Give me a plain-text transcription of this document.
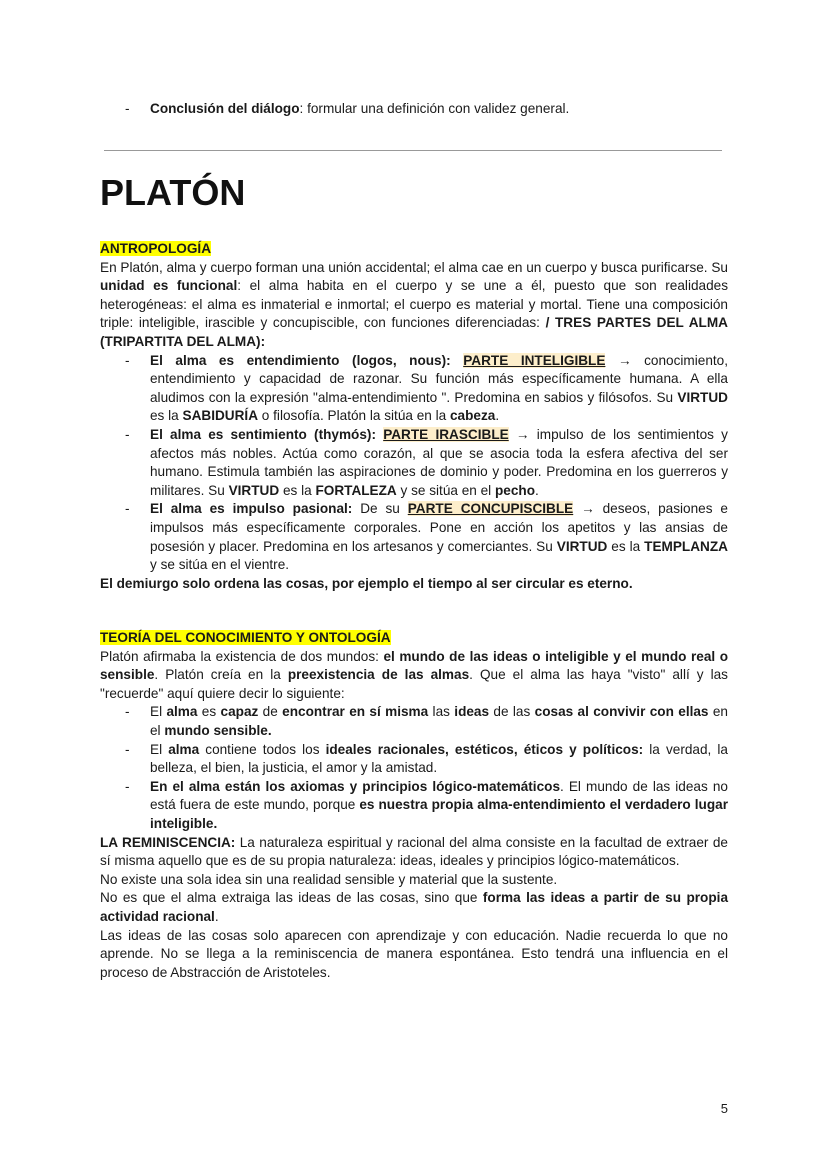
- Conclusión del diálogo: formular una definición con validez general.
PLATÓN
ANTROPOLOGÍA
En Platón, alma y cuerpo forman una unión accidental; el alma cae en un cuerpo y busca purificarse. Su unidad es funcional: el alma habita en el cuerpo y se une a él, puesto que son realidades heterogéneas: el alma es inmaterial e inmortal; el cuerpo es material y mortal. Tiene una composición triple: inteligible, irascible y concupiscible, con funciones diferenciadas: / TRES PARTES DEL ALMA (TRIPARTITA DEL ALMA):
- El alma es entendimiento (logos, nous): PARTE INTELIGIBLE → conocimiento, entendimiento y capacidad de razonar. Su función más específicamente humana. A ella aludimos con la expresión "alma-entendimiento ". Predomina en sabios y filósofos. Su VIRTUD es la SABIDURÍA o filosofía. Platón la sitúa en la cabeza.
- El alma es sentimiento (thymós): PARTE IRASCIBLE → impulso de los sentimientos y afectos más nobles. Actúa como corazón, al que se asocia toda la esfera afectiva del ser humano. Estimula también las aspiraciones de dominio y poder. Predomina en los guerreros y militares. Su VIRTUD es la FORTALEZA y se sitúa en el pecho.
- El alma es impulso pasional: De su PARTE CONCUPISCIBLE → deseos, pasiones e impulsos más específicamente corporales. Pone en acción los apetitos y las ansias de posesión y placer. Predomina en los artesanos y comerciantes. Su VIRTUD es la TEMPLANZA y se sitúa en el vientre.
El demiurgo solo ordena las cosas, por ejemplo el tiempo al ser circular es eterno.
TEORÍA DEL CONOCIMIENTO Y ONTOLOGÍA
Platón afirmaba la existencia de dos mundos: el mundo de las ideas o inteligible y el mundo real o sensible. Platón creía en la preexistencia de las almas. Que el alma las haya "visto" allí y las "recuerde" aquí quiere decir lo siguiente:
- El alma es capaz de encontrar en sí misma las ideas de las cosas al convivir con ellas en el mundo sensible.
- El alma contiene todos los ideales racionales, estéticos, éticos y políticos: la verdad, la belleza, el bien, la justicia, el amor y la amistad.
- En el alma están los axiomas y principios lógico-matemáticos. El mundo de las ideas no está fuera de este mundo, porque es nuestra propia alma-entendimiento el verdadero lugar inteligible.
LA REMINISCENCIA: La naturaleza espiritual y racional del alma consiste en la facultad de extraer de sí misma aquello que es de su propia naturaleza: ideas, ideales y principios lógico-matemáticos.
No existe una sola idea sin una realidad sensible y material que la sustente.
No es que el alma extraiga las ideas de las cosas, sino que forma las ideas a partir de su propia actividad racional.
Las ideas de las cosas solo aparecen con aprendizaje y con educación. Nadie recuerda lo que no aprende. No se llega a la reminiscencia de manera espontánea. Esto tendrá una influencia en el proceso de Abstracción de Aristoteles.
5
